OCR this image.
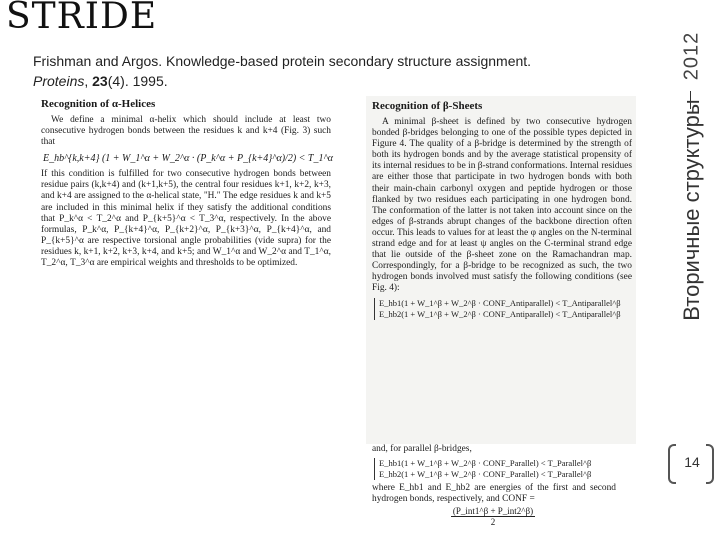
STRIDE
Frishman and Argos. Knowledge-based protein secondary structure assignment. Proteins, 23(4). 1995.
2012
Вторичные структуры
14
Recognition of α-Helices
We define a minimal α-helix which should include at least two consecutive hydrogen bonds between the residues k and k+4 (Fig. 3) such that
E_hb^{k,k+4} (1 + W_1^α + W_2^α · (P_k^α + P_{k+4}^α)/2) < T_1^α
If this condition is fulfilled for two consecutive hydrogen bonds between residue pairs (k,k+4) and (k+1,k+5), the central four residues k+1, k+2, k+3, and k+4 are assigned to the α-helical state, "H." The edge residues k and k+5 are included in this minimal helix if they satisfy the additional conditions that P_k^α < T_2^α and P_{k+5}^α < T_3^α, respectively. In the above formulas, P_k^α, P_{k+4}^α, P_{k+2}^α, P_{k+3}^α, P_{k+4}^α, and P_{k+5}^α are respective torsional angle probabilities (vide supra) for the residues k, k+1, k+2, k+3, k+4, and k+5; and W_1^α and W_2^α and T_1^α, T_2^α, T_3^α are empirical weights and thresholds to be optimized.
Recognition of β-Sheets
A minimal β-sheet is defined by two consecutive hydrogen bonded β-bridges belonging to one of the possible types depicted in Figure 4. The quality of a β-bridge is determined by the strength of both its hydrogen bonds and by the average statistical propensity of its internal residues to be in β-strand conformations. Internal residues are either those that participate in two hydrogen bonds with both their main-chain carbonyl oxygen and peptide hydrogen or those flanked by two residues each participating in one hydrogen bond. The conformation of the latter is not taken into account since on the edges of β-strands abrupt changes of the backbone direction often occur. This leads to values for at least the φ angles on the N-terminal strand edge and for at least ψ angles on the C-terminal strand edge that lie outside of the β-sheet zone on the Ramachandran map. Correspondingly, for a β-bridge to be recognized as such, the two hydrogen bonds involved must satisfy the following conditions (see Fig. 4):
E_hb1(1 + W_1^β + W_2^β · CONF_Antiparallel) < T_Antiparallel^β
E_hb2(1 + W_1^β + W_2^β · CONF_Antiparallel) < T_Antiparallel^β
and, for parallel β-bridges,
E_hb1(1 + W_1^β + W_2^β · CONF_Parallel) < T_Parallel^β
E_hb2(1 + W_1^β + W_2^β · CONF_Parallel) < T_Parallel^β
where E_hb1 and E_hb2 are energies of the first and second hydrogen bonds, respectively, and CONF =
$\frac{\text{(P\_int1\textasciicircum{}β + P\_int2\textasciicircum{}β)}}{2}$
